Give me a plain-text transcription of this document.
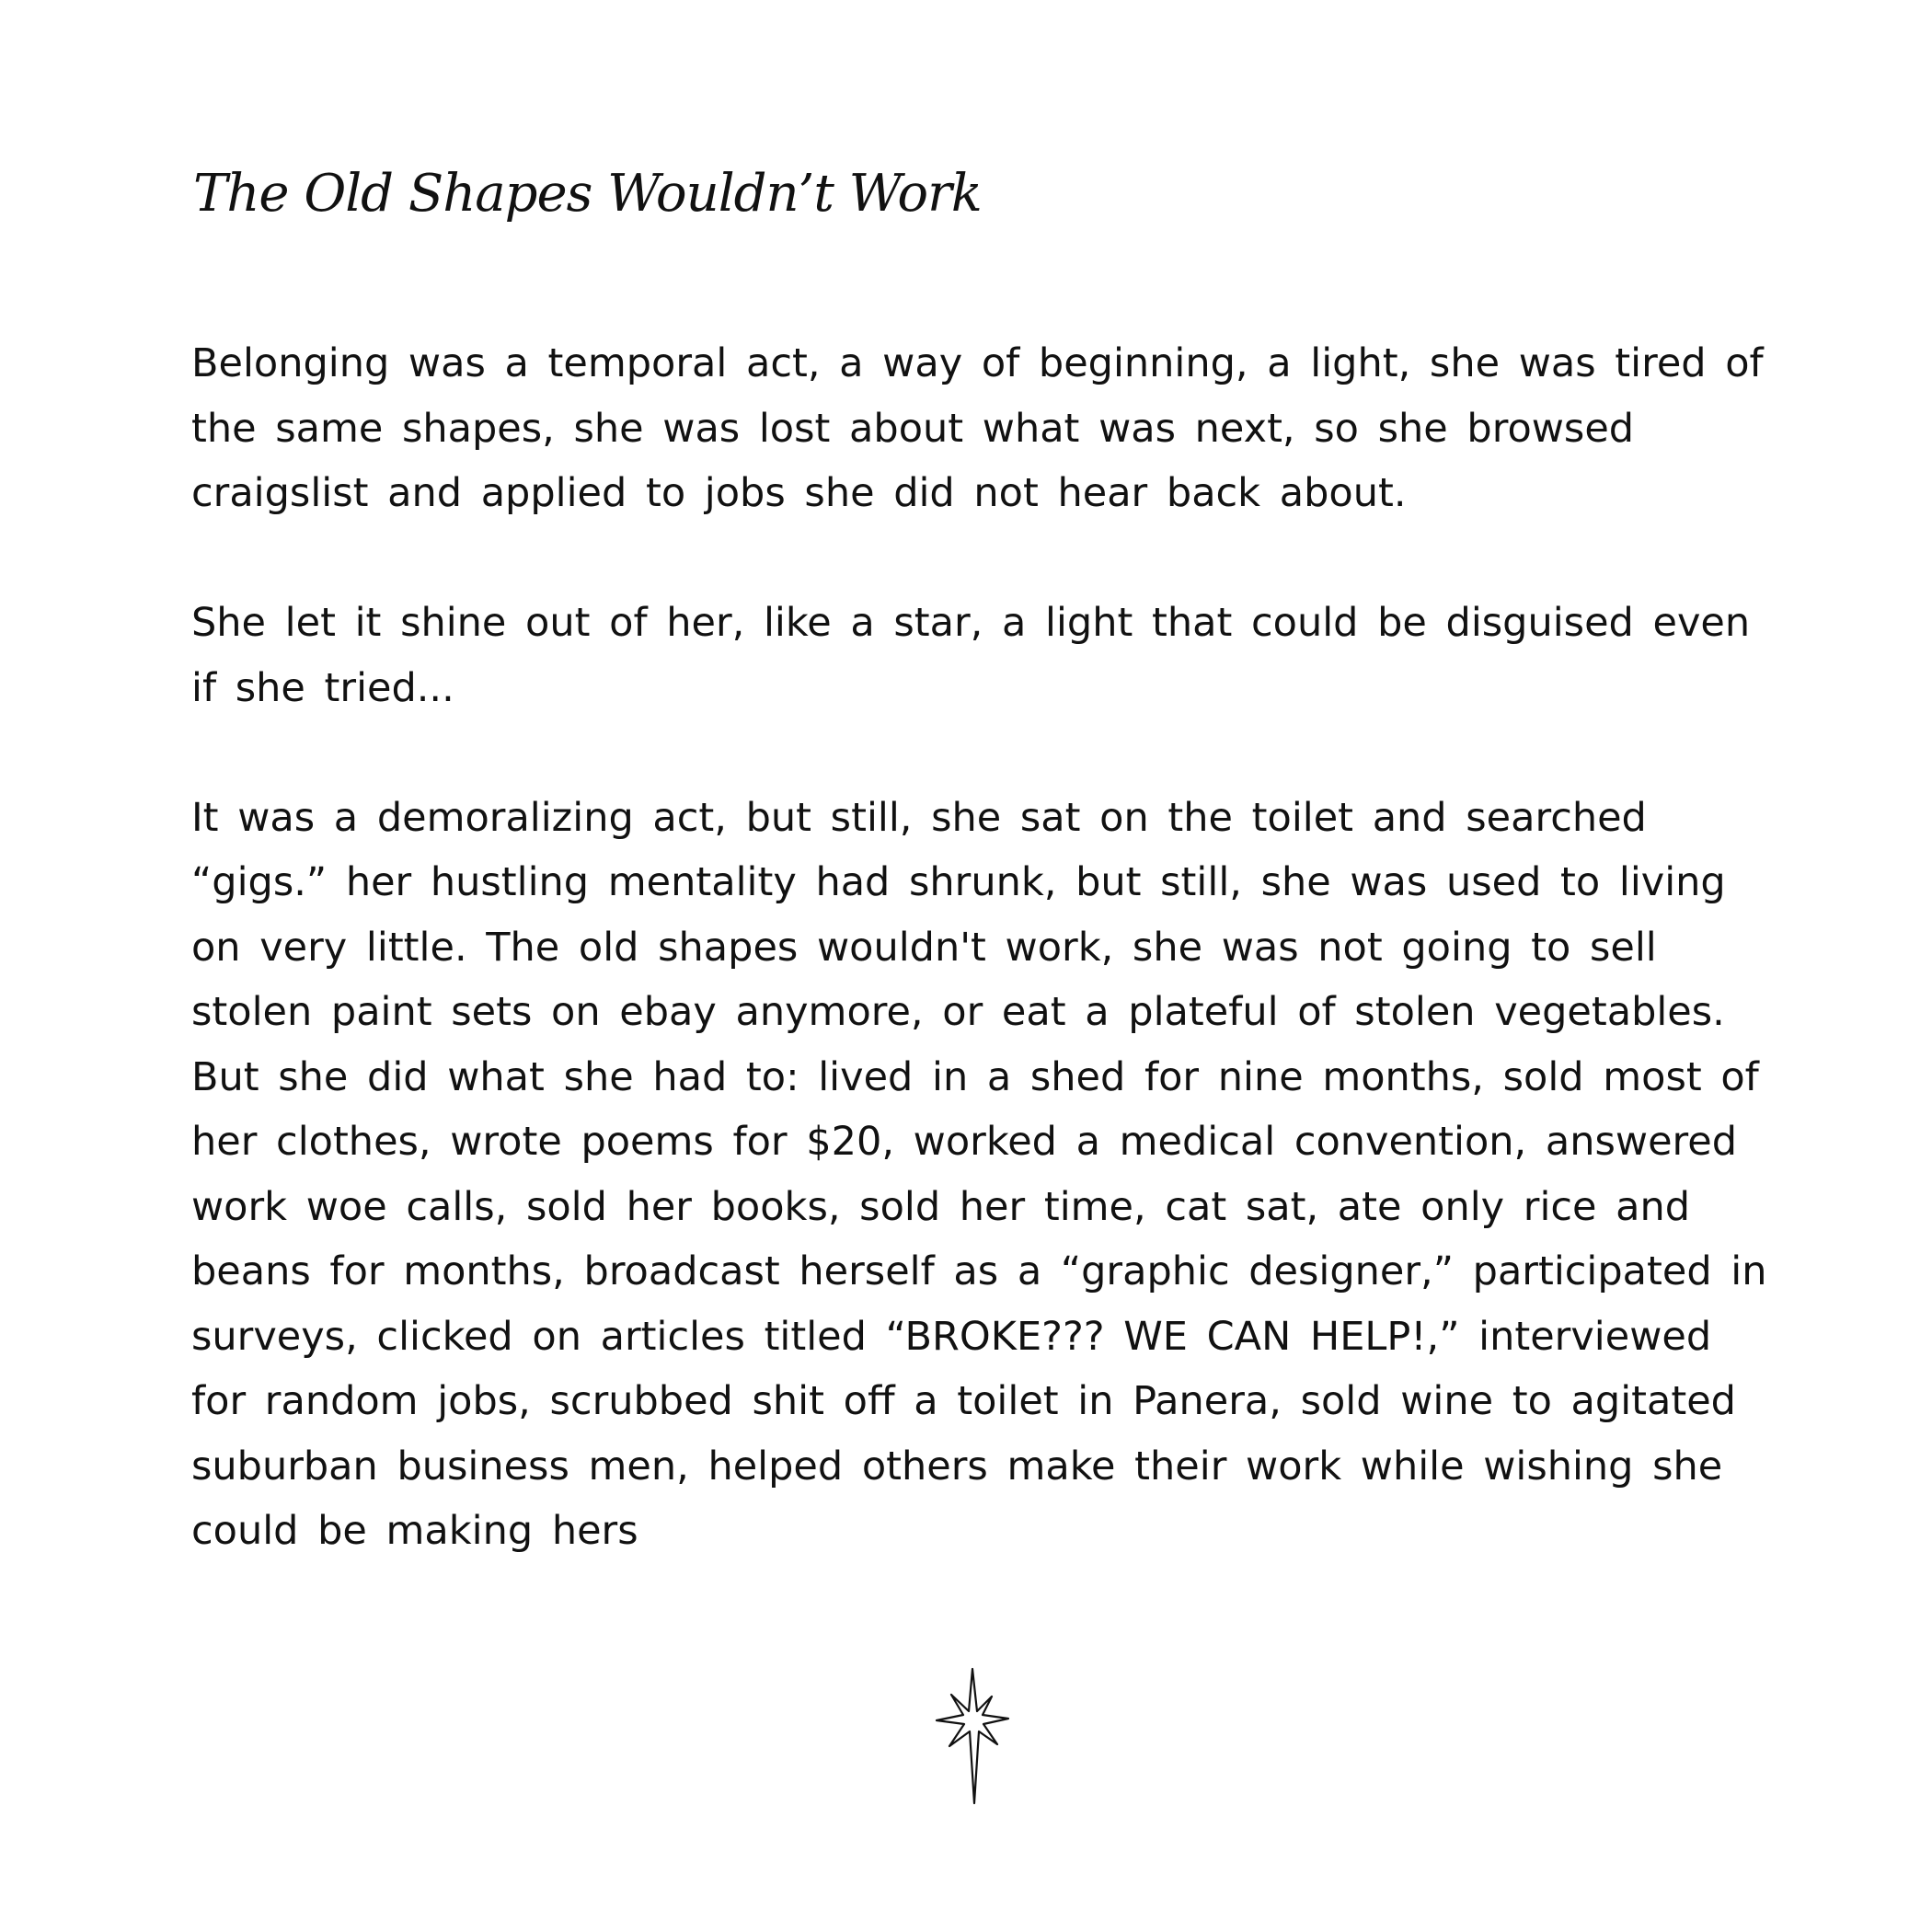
The Old Shapes Wouldn’t Work

Belonging was a temporal act, a way of beginning, a light, she was tired of
the same shapes, she was lost about what was next, so she browsed
craigslist and applied to jobs she did not hear back about.

She let it shine out of her, like a star, a light that could be disguised even
if she tried...

It was a demoralizing act, but still, she sat on the toilet and searched
“gigs.” her hustling mentality had shrunk, but still, she was used to living
on very little. The old shapes wouldn't work, she was not going to sell
stolen paint sets on ebay anymore, or eat a plateful of stolen vegetables.
But she did what she had to: lived in a shed for nine months, sold most of
her clothes, wrote poems for $20, worked a medical convention, answered
work woe calls, sold her books, sold her time, cat sat, ate only rice and
beans for months, broadcast herself as a “graphic designer,” participated in
surveys, clicked on articles titled “BROKE??? WE CAN HELP!,” interviewed
for random jobs, scrubbed shit off a toilet in Panera, sold wine to agitated
suburban business men, helped others make their work while wishing she
could be making hers
